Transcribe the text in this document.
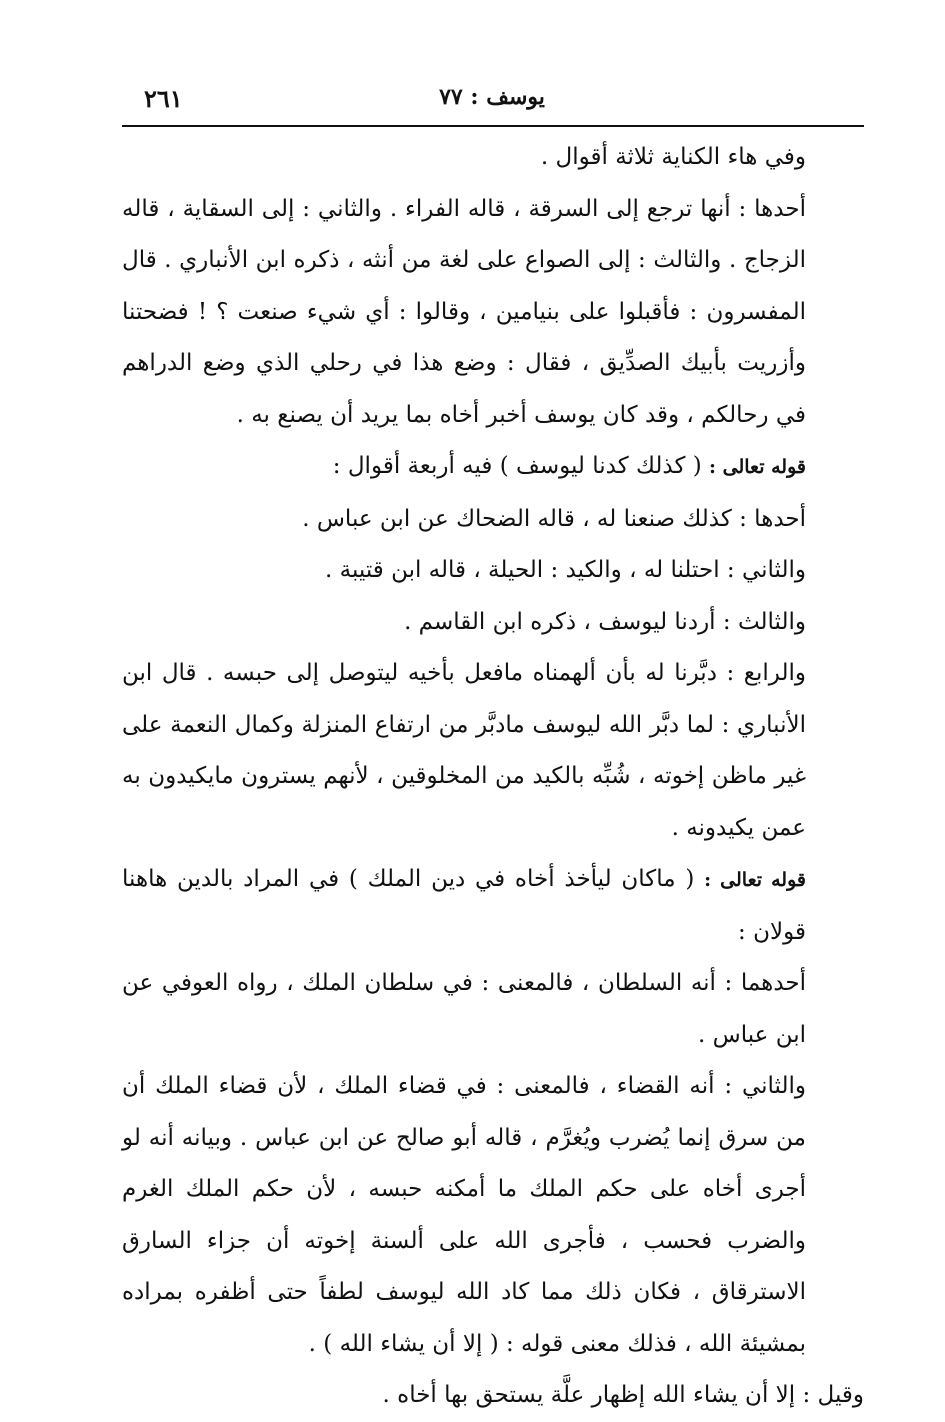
يوسف : ٧٧
٢٦١

وفي هاء الكناية ثلاثة أقوال .

أحدها : أنها ترجع إلى السرقة ، قاله الفراء . والثاني : إلى السقاية ، قاله الزجاج . والثالث : إلى الصواع على لغة من أنثه ، ذكره ابن الأنباري . قال المفسرون : فأقبلوا على بنيامين ، وقالوا : أي شيء صنعت ؟ ! فضحتنا وأزريت بأبيك الصدِّيق ، فقال : وضع هذا في رحلي الذي وضع الدراهم في رحالكم ، وقد كان يوسف أخبر أخاه بما يريد أن يصنع به .

قوله تعالى : ( كذلك كدنا ليوسف ) فيه أربعة أقوال :

أحدها : كذلك صنعنا له ، قاله الضحاك عن ابن عباس .

والثاني : احتلنا له ، والكيد : الحيلة ، قاله ابن قتيبة .

والثالث : أردنا ليوسف ، ذكره ابن القاسم .

والرابع : دبَّرنا له بأن ألهمناه مافعل بأخيه ليتوصل إلى حبسه . قال ابن الأنباري : لما دبَّر الله ليوسف مادبَّر من ارتفاع المنزلة وكمال النعمة على غير ماظن إخوته ، شُبِّه بالكيد من المخلوقين ، لأنهم يسترون مايكيدون به عمن يكيدونه .

قوله تعالى : ( ماكان ليأخذ أخاه في دين الملك ) في المراد بالدين هاهنا قولان :

أحدهما : أنه السلطان ، فالمعنى : في سلطان الملك ، رواه العوفي عن ابن عباس .

والثاني : أنه القضاء ، فالمعنى : في قضاء الملك ، لأن قضاء الملك أن من سرق إنما يُضرب ويُغرَّم ، قاله أبو صالح عن ابن عباس . وبيانه أنه لو أجرى أخاه على حكم الملك ما أمكنه حبسه ، لأن حكم الملك الغرم والضرب فحسب ، فأجرى الله على ألسنة إخوته أن جزاء السارق الاسترقاق ، فكان ذلك مما كاد الله ليوسف لطفاً حتى أظفره بمراده بمشيئة الله ، فذلك معنى قوله : ( إلا أن يشاء الله ) .

وقيل : إلا أن يشاء الله إظهار علَّة يستحق بها أخاه .
